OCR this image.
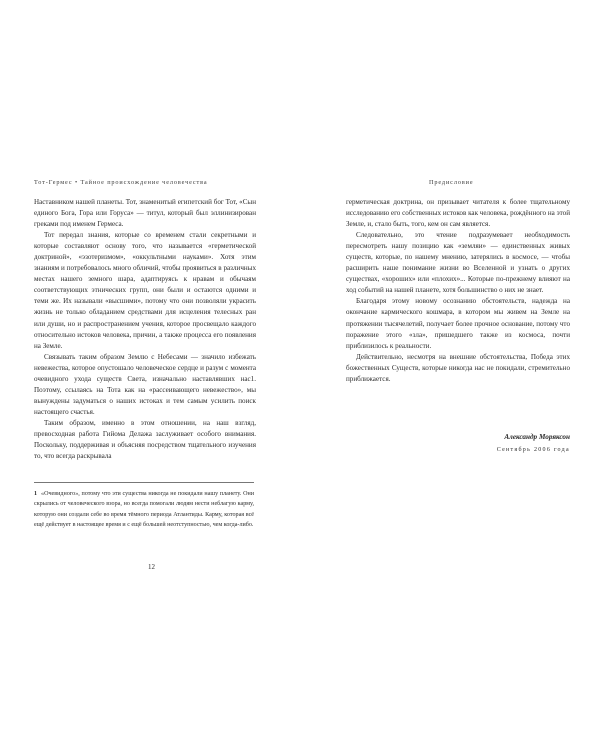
Тот-Гермес • Тайное происхождение человечества

Наставником нашей планеты. Тот, знаменитый египетский бог Тот, «Сын единого Бога, Гора или Горуса» — титул, который был эллинизирован греками под именем Гермеса.

Тот передал знания, которые со временем стали секретными и которые составляют основу того, что называется «герметической доктриной», «эзотеризмом», «оккультными науками». Хотя этим знаниям и потребовалось много обличий, чтобы проявиться в различных местах нашего земного шара, адаптируясь к нравам и обычаям соответствующих этнических групп, они были и остаются одними и теми же. Их называли «высшими», потому что они позволяли украсить жизнь не только обладанием средствами для исцеления телесных ран или души, но и распространением учения, которое просвещало каждого относительно истоков человека, причин, а также процесса его появления на Земле.

Связывать таким образом Землю с Небесами — значило избежать невежества, которое опустошало человеческое сердце и разум с момента очевидного ухода существ Света, изначально наставлявших нас1. Поэтому, ссылаясь на Тота как на «рассеивающего невежество», мы вынуждены задуматься о наших истоках и тем самым усилить поиск настоящего счастья.

Таким образом, именно в этом отношении, на наш взгляд, превосходная работа Гийома Делажа заслуживает особого внимания. Поскольку, поддерживая и объясняя посредством тщательного изучения то, что всегда раскрывала

1 «Очевидного», потому что эти существа никогда не покидали нашу планету. Они скрылись от человеческого взора, но всегда помогали людям нести неблагую карму, которую они создали себе во время тёмного периода Атлантиды. Карму, которая всё ещё действует в настоящее время и с ещё большей неотступностью, чем когда-либо.
12
Предисловие

герметическая доктрина, он призывает читателя к более тщательному исследованию его собственных истоков как человека, рождённого на этой Земле, и, стало быть, того, кем он сам является.

Следовательно, это чтение подразумевает необходимость пересмотреть нашу позицию как «земляи» — единственных живых существ, которые, по нашему мнению, затерялись в космосе, — чтобы расширить наше понимание жизни во Вселенной и узнать о других существах, «хороших» или «плохих»... Которые по-прежнему влияют на ход событий на нашей планете, хотя большинство о них не знает.

Благодаря этому новому осознанию обстоятельств, надежда на окончание кармического кошмара, в котором мы живем на Земле на протяжении тысячелетий, получает более прочное основание, потому что поражение этого «зла», пришедшего также из космоса, почти приблизилось к реальности.

Действительно, несмотря на внешние обстоятельства, Победа этих божественных Существ, которые никогда нас не покидали, стремительно приближается.

Александр Моряксон
Сентябрь 2006 года
